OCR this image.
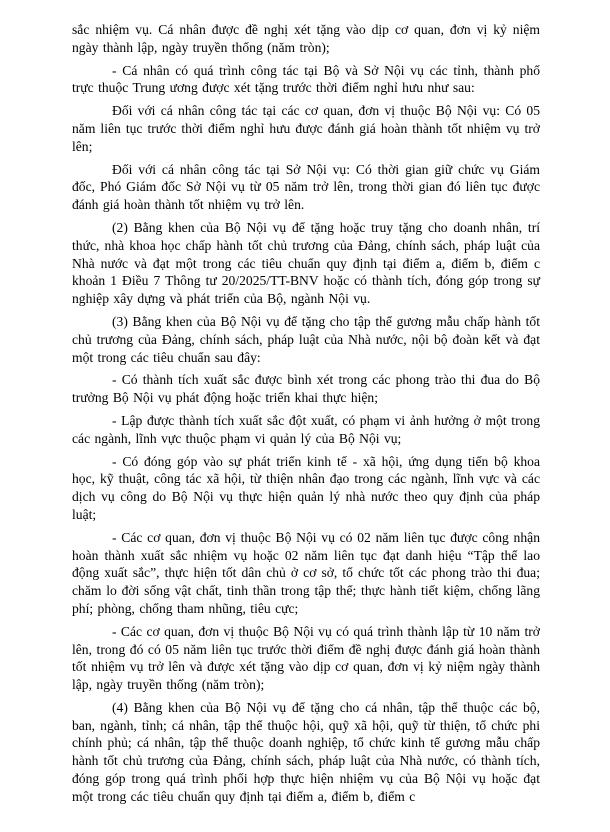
sắc nhiệm vụ. Cá nhân được đề nghị xét tặng vào dịp cơ quan, đơn vị kỷ niệm ngày thành lập, ngày truyền thống (năm tròn);

- Cá nhân có quá trình công tác tại Bộ và Sở Nội vụ các tỉnh, thành phố trực thuộc Trung ương được xét tặng trước thời điểm nghỉ hưu như sau:

Đối với cá nhân công tác tại các cơ quan, đơn vị thuộc Bộ Nội vụ: Có 05 năm liên tục trước thời điểm nghỉ hưu được đánh giá hoàn thành tốt nhiệm vụ trở lên;

Đối với cá nhân công tác tại Sở Nội vụ: Có thời gian giữ chức vụ Giám đốc, Phó Giám đốc Sở Nội vụ từ 05 năm trở lên, trong thời gian đó liên tục được đánh giá hoàn thành tốt nhiệm vụ trở lên.

(2) Bằng khen của Bộ Nội vụ để tặng hoặc truy tặng cho doanh nhân, trí thức, nhà khoa học chấp hành tốt chủ trương của Đảng, chính sách, pháp luật của Nhà nước và đạt một trong các tiêu chuẩn quy định tại điểm a, điểm b, điểm c khoản 1 Điều 7 Thông tư 20/2025/TT-BNV hoặc có thành tích, đóng góp trong sự nghiệp xây dựng và phát triển của Bộ, ngành Nội vụ.

(3) Bằng khen của Bộ Nội vụ để tặng cho tập thể gương mẫu chấp hành tốt chủ trương của Đảng, chính sách, pháp luật của Nhà nước, nội bộ đoàn kết và đạt một trong các tiêu chuẩn sau đây:

- Có thành tích xuất sắc được bình xét trong các phong trào thi đua do Bộ trưởng Bộ Nội vụ phát động hoặc triển khai thực hiện;

- Lập được thành tích xuất sắc đột xuất, có phạm vi ảnh hưởng ở một trong các ngành, lĩnh vực thuộc phạm vi quản lý của Bộ Nội vụ;

- Có đóng góp vào sự phát triển kinh tế - xã hội, ứng dụng tiến bộ khoa học, kỹ thuật, công tác xã hội, từ thiện nhân đạo trong các ngành, lĩnh vực và các dịch vụ công do Bộ Nội vụ thực hiện quản lý nhà nước theo quy định của pháp luật;

- Các cơ quan, đơn vị thuộc Bộ Nội vụ có 02 năm liên tục được công nhận hoàn thành xuất sắc nhiệm vụ hoặc 02 năm liên tục đạt danh hiệu “Tập thể lao động xuất sắc”, thực hiện tốt dân chủ ở cơ sở, tổ chức tốt các phong trào thi đua; chăm lo đời sống vật chất, tinh thần trong tập thể; thực hành tiết kiệm, chống lãng phí; phòng, chống tham nhũng, tiêu cực;

- Các cơ quan, đơn vị thuộc Bộ Nội vụ có quá trình thành lập từ 10 năm trở lên, trong đó có 05 năm liên tục trước thời điểm đề nghị được đánh giá hoàn thành tốt nhiệm vụ trở lên và được xét tặng vào dịp cơ quan, đơn vị kỷ niệm ngày thành lập, ngày truyền thống (năm tròn);

(4) Bằng khen của Bộ Nội vụ để tặng cho cá nhân, tập thể thuộc các bộ, ban, ngành, tỉnh; cá nhân, tập thể thuộc hội, quỹ xã hội, quỹ từ thiện, tổ chức phi chính phủ; cá nhân, tập thể thuộc doanh nghiệp, tổ chức kinh tế gương mẫu chấp hành tốt chủ trương của Đảng, chính sách, pháp luật của Nhà nước, có thành tích, đóng góp trong quá trình phối hợp thực hiện nhiệm vụ của Bộ Nội vụ hoặc đạt một trong các tiêu chuẩn quy định tại điểm a, điểm b, điểm c
